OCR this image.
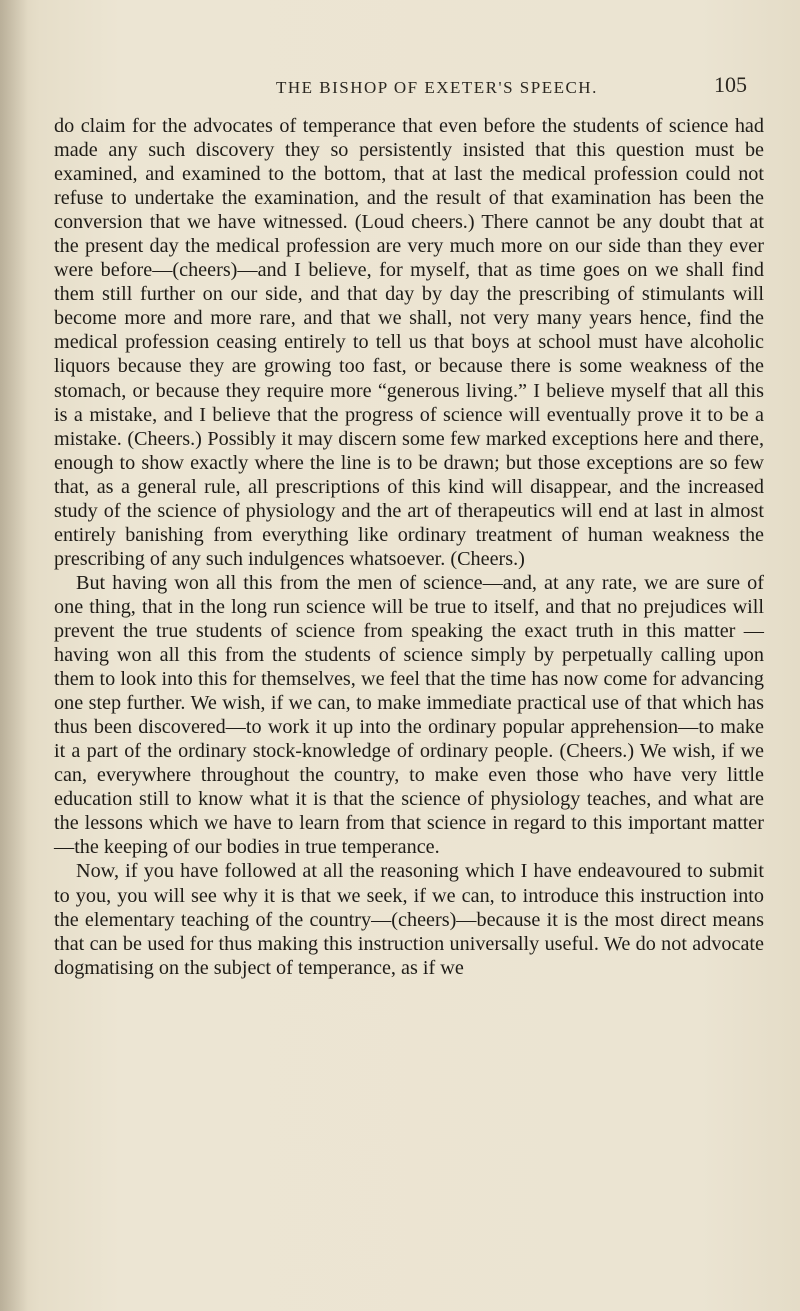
THE BISHOP OF EXETER'S SPEECH.	105

do claim for the advocates of temperance that even before the students of science had made any such discovery they so persistently insisted that this question must be examined, and examined to the bottom, that at last the medical profession could not refuse to undertake the examination, and the result of that examination has been the conversion that we have witnessed. (Loud cheers.) There cannot be any doubt that at the present day the medical profession are very much more on our side than they ever were before—(cheers)—and I believe, for myself, that as time goes on we shall find them still further on our side, and that day by day the prescribing of stimulants will become more and more rare, and that we shall, not very many years hence, find the medical profession ceasing entirely to tell us that boys at school must have alcoholic liquors because they are growing too fast, or because there is some weakness of the stomach, or because they require more “generous living.” I believe myself that all this is a mistake, and I believe that the progress of science will eventually prove it to be a mistake. (Cheers.) Possibly it may discern some few marked exceptions here and there, enough to show exactly where the line is to be drawn; but those exceptions are so few that, as a general rule, all prescriptions of this kind will disappear, and the increased study of the science of physiology and the art of therapeutics will end at last in almost entirely banishing from everything like ordinary treatment of human weakness the prescribing of any such indulgences whatsoever. (Cheers.)

But having won all this from the men of science—and, at any rate, we are sure of one thing, that in the long run science will be true to itself, and that no prejudices will prevent the true students of science from speaking the exact truth in this matter —having won all this from the students of science simply by perpetually calling upon them to look into this for themselves, we feel that the time has now come for advancing one step further. We wish, if we can, to make immediate practical use of that which has thus been discovered—to work it up into the ordinary popular apprehension—to make it a part of the ordinary stock-knowledge of ordinary people. (Cheers.) We wish, if we can, everywhere throughout the country, to make even those who have very little education still to know what it is that the science of physiology teaches, and what are the lessons which we have to learn from that science in regard to this important matter—the keeping of our bodies in true temperance.

Now, if you have followed at all the reasoning which I have endeavoured to submit to you, you will see why it is that we seek, if we can, to introduce this instruction into the elementary teaching of the country—(cheers)—because it is the most direct means that can be used for thus making this instruction universally useful. We do not advocate dogmatising on the subject of temperance, as if we
